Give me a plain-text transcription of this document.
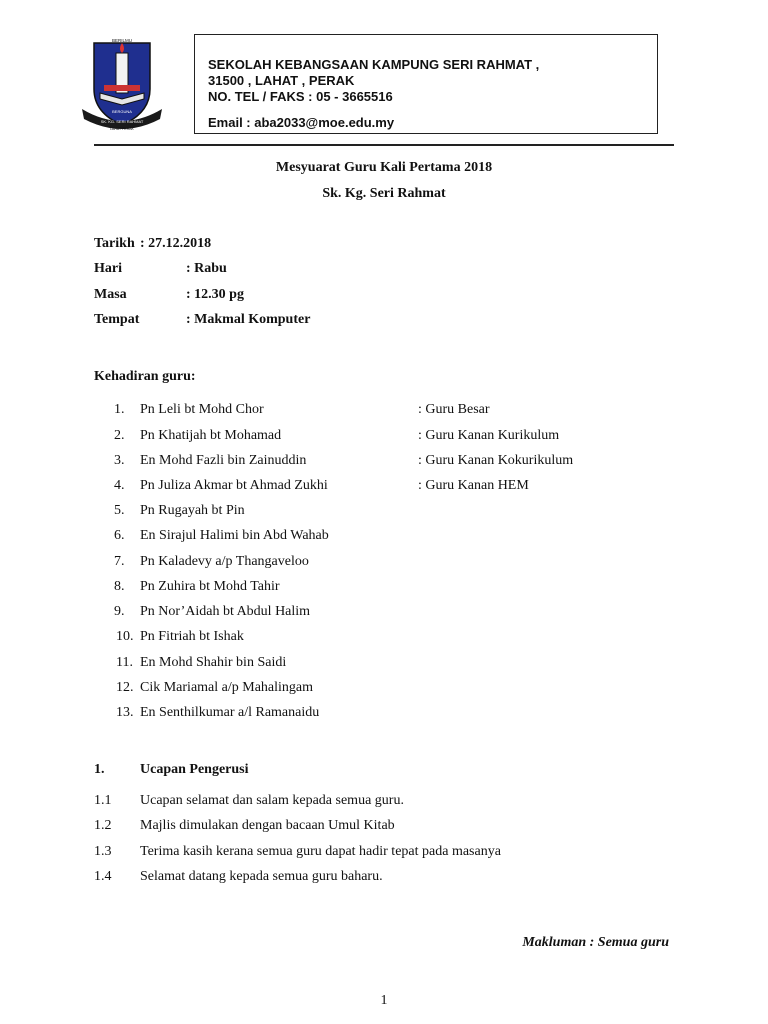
BERILMU
BERGUNA
SK. KG. SERI RAHMAT
LAHAT PERAK
SEKOLAH KEBANGSAAN KAMPUNG SERI RAHMAT ,
31500 , LAHAT , PERAK
NO. TEL / FAKS : 05 - 3665516
Email : aba2033@moe.edu.my
Mesyuarat Guru Kali Pertama 2018
Sk. Kg. Seri Rahmat
Tarikh : 27.12.2018
Hari	: Rabu
Masa	: 12.30 pg
Tempat	: Makmal Komputer
Kehadiran guru:
1. Pn Leli bt Mohd Chor	: Guru Besar
2. Pn Khatijah bt Mohamad	: Guru Kanan Kurikulum
3. En Mohd Fazli bin Zainuddin	: Guru Kanan Kokurikulum
4. Pn Juliza Akmar bt Ahmad Zukhi	: Guru Kanan HEM
5. Pn Rugayah bt Pin
6. En Sirajul Halimi bin Abd Wahab
7. Pn Kaladevy a/p Thangaveloo
8. Pn Zuhira bt Mohd Tahir
9. Pn Nor’Aidah bt Abdul Halim
10. Pn Fitriah bt Ishak
11. En Mohd Shahir bin Saidi
12. Cik Mariamal a/p Mahalingam
13. En Senthilkumar a/l Ramanaidu
1.	Ucapan Pengerusi
1.1 Ucapan selamat dan salam kepada semua guru.
1.2 Majlis dimulakan dengan bacaan Umul Kitab
1.3 Terima kasih kerana semua guru dapat hadir tepat pada masanya
1.4 Selamat datang kepada semua guru baharu.
Makluman : Semua guru
1
